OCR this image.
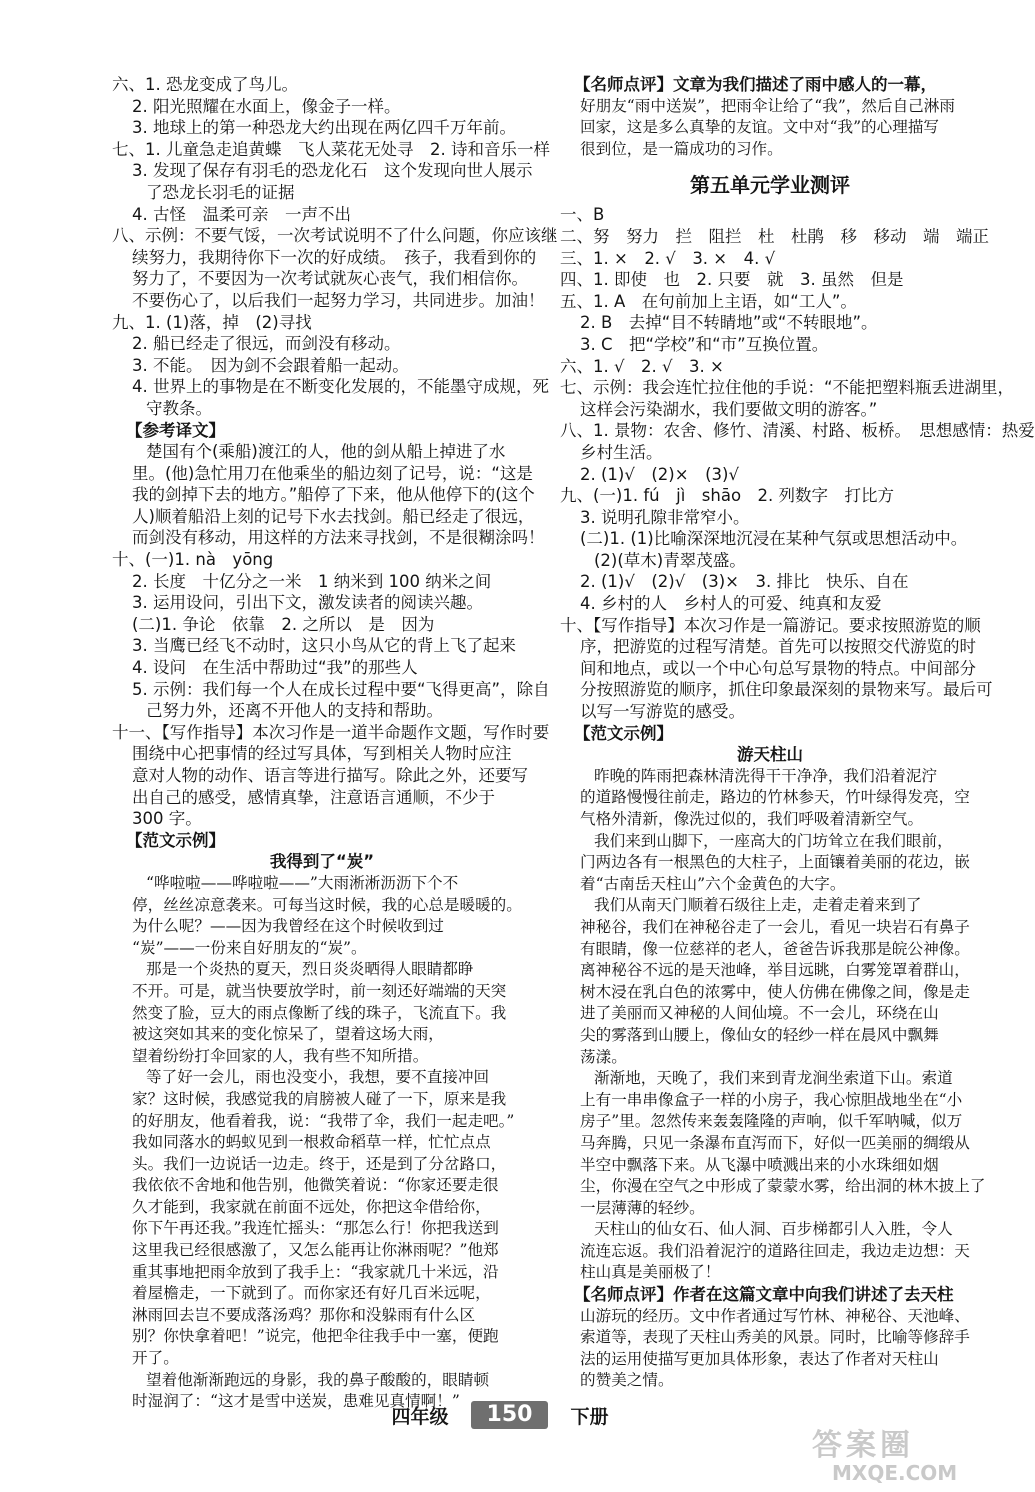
六、1. 恐龙变成了鸟儿。
2. 阳光照耀在水面上，像金子一样。
3. 地球上的第一种恐龙大约出现在两亿四千万年前。
七、1. 儿童急走追黄蝶　飞人菜花无处寻　2. 诗和音乐一样
3. 发现了保存有羽毛的恐龙化石　这个发现向世人展示
了恐龙长羽毛的证据
4. 古怪　温柔可亲　一声不出
八、示例：不要气馁，一次考试说明不了什么问题，你应该继
续努力，我期待你下一次的好成绩。　孩子，我看到你的
努力了，不要因为一次考试就灰心丧气，我们相信你。
不要伤心了，以后我们一起努力学习，共同进步。加油！
九、1. (1)落，掉　(2)寻找
2. 船已经走了很远，而剑没有移动。
3. 不能。　因为剑不会跟着船一起动。
4. 世界上的事物是在不断变化发展的，不能墨守成规，死
守教条。
【参考译文】
楚国有个(乘船)渡江的人，他的剑从船上掉进了水
里。(他)急忙用刀在他乘坐的船边刻了记号，说：“这是
我的剑掉下去的地方。”船停了下来，他从他停下的(这个
人)顺着船沿上刻的记号下水去找剑。船已经走了很远，
而剑没有移动，用这样的方法来寻找剑，不是很糊涂吗！
十、(一)1. nà　yōng
2. 长度　十亿分之一米　1 纳米到 100 纳米之间
3. 运用设问，引出下文，激发读者的阅读兴趣。
(二)1. 争论　依靠　2. 之所以　是　因为
3. 当鹰已经飞不动时，这只小鸟从它的背上飞了起来
4. 设问　在生活中帮助过“我”的那些人
5. 示例：我们每一个人在成长过程中要“飞得更高”，除自
己努力外，还离不开他人的支持和帮助。
十一、【写作指导】本次习作是一道半命题作文题，写作时要
围绕中心把事情的经过写具体，写到相关人物时应注
意对人物的动作、语言等进行描写。除此之外，还要写
出自己的感受，感情真挚，注意语言通顺，不少于
300 字。
【范文示例】
我得到了“炭”
“哗啦啦——哗啦啦——”大雨淅淅沥沥下个不
停，丝丝凉意袭来。可每当这时候，我的心总是暖暖的。
为什么呢？——因为我曾经在这个时候收到过
“炭”——一份来自好朋友的“炭”。
那是一个炎热的夏天，烈日炎炎晒得人眼睛都睁
不开。可是，就当快要放学时，前一刻还好端端的天突
然变了脸，豆大的雨点像断了线的珠子，飞流直下。我
被这突如其来的变化惊呆了，望着这场大雨，
望着纷纷打伞回家的人，我有些不知所措。
等了好一会儿，雨也没变小，我想，要不直接冲回
家？这时候，我感觉我的肩膀被人碰了一下，原来是我
的好朋友，他看着我，说：“我带了伞，我们一起走吧。”
我如同落水的蚂蚁见到一根救命稻草一样，忙忙点点
头。我们一边说话一边走。终于，还是到了分岔路口，
我依依不舍地和他告别，他微笑着说：“你家还要走很
久才能到，我家就在前面不远处，你把这伞借给你，
你下午再还我。”我连忙摇头：“那怎么行！你把我送到
这里我已经很感激了，又怎么能再让你淋雨呢？”他郑
重其事地把雨伞放到了我手上：“我家就几十米远，沿
着屋檐走，一下就到了。而你家还有好几百米远呢，
淋雨回去岂不要成落汤鸡？那你和没躲雨有什么区
别？你快拿着吧！”说完，他把伞往我手中一塞，便跑
开了。
望着他渐渐跑远的身影，我的鼻子酸酸的，眼睛顿
时湿润了：“这才是雪中送炭，患难见真情啊！”
【名师点评】文章为我们描述了雨中感人的一幕，
好朋友“雨中送炭”，把雨伞让给了“我”，然后自己淋雨
回家，这是多么真挚的友谊。文中对“我”的心理描写
很到位，是一篇成功的习作。
第五单元学业测评
一、B
二、努　努力　拦　阻拦　杜　杜鹃　移　移动　端　端正
三、1. ×　2. √　3. ×　4. √
四、1. 即使　也　2. 只要　就　3. 虽然　但是
五、1. A　在句前加上主语，如“工人”。
2. B　去掉“目不转睛地”或“不转眼地”。
3. C　把“学校”和“市”互换位置。
六、1. √　2. √　3. ×
七、示例：我会连忙拉住他的手说：“不能把塑料瓶丢进湖里，
这样会污染湖水，我们要做文明的游客。”
八、1. 景物：农舍、修竹、清溪、村路、板桥。　思想感情：热爱
乡村生活。
2. (1)√　(2)×　(3)√
九、(一)1. fú　jì　shāo　2. 列数字　打比方
3. 说明孔隙非常窄小。
(二)1. (1)比喻深深地沉浸在某种气氛或思想活动中。
(2)(草木)青翠茂盛。
2. (1)√　(2)√　(3)×　3. 排比　快乐、自在
4. 乡村的人　乡村人的可爱、纯真和友爱
十、【写作指导】本次习作是一篇游记。要求按照游览的顺
序，把游览的过程写清楚。首先可以按照交代游览的时
间和地点，或以一个中心句总写景物的特点。中间部分
分按照游览的顺序，抓住印象最深刻的景物来写。最后可
以写一写游览的感受。
【范文示例】
游天柱山
昨晚的阵雨把森林清洗得干干净净，我们沿着泥泞
的道路慢慢往前走，路边的竹林参天，竹叶绿得发亮，空
气格外清新，像洗过似的，我们呼吸着清新空气。
我们来到山脚下，一座高大的门坊耸立在我们眼前，
门两边各有一根黑色的大柱子，上面镶着美丽的花边，嵌
着“古南岳天柱山”六个金黄色的大字。
我们从南天门顺着石级往上走，走着走着来到了
神秘谷，我们在神秘谷走了一会儿，看见一块岩石有鼻子
有眼睛，像一位慈祥的老人，爸爸告诉我那是皖公神像。
离神秘谷不远的是天池峰，举目远眺，白雾笼罩着群山，
树木浸在乳白色的浓雾中，使人仿佛在佛像之间，像是走
进了美丽而又神秘的人间仙境。不一会儿，环绕在山
尖的雾落到山腰上，像仙女的轻纱一样在晨风中飘舞
荡漾。
渐渐地，天晚了，我们来到青龙涧坐索道下山。索道
上有一串串像盒子一样的小房子，我心惊胆战地坐在“小
房子”里。忽然传来轰轰隆隆的声响，似千军呐喊，似万
马奔腾，只见一条瀑布直泻而下，好似一匹美丽的绸缎从
半空中飘落下来。从飞瀑中喷溅出来的小水珠细如烟
尘，你漫在空气之中形成了蒙蒙水雾，给出洞的林木披上了
一层薄薄的轻纱。
天柱山的仙女石、仙人洞、百步梯都引人入胜，令人
流连忘返。我们沿着泥泞的道路往回走，我边走边想：天
柱山真是美丽极了！
【名师点评】作者在这篇文章中向我们讲述了去天柱
山游玩的经历。文中作者通过写竹林、神秘谷、天池峰、
索道等，表现了天柱山秀美的风景。同时，比喻等修辞手
法的运用使描写更加具体形象，表达了作者对天柱山
的赞美之情。
四年级	150	下册
答案圈
MXQE.COM
